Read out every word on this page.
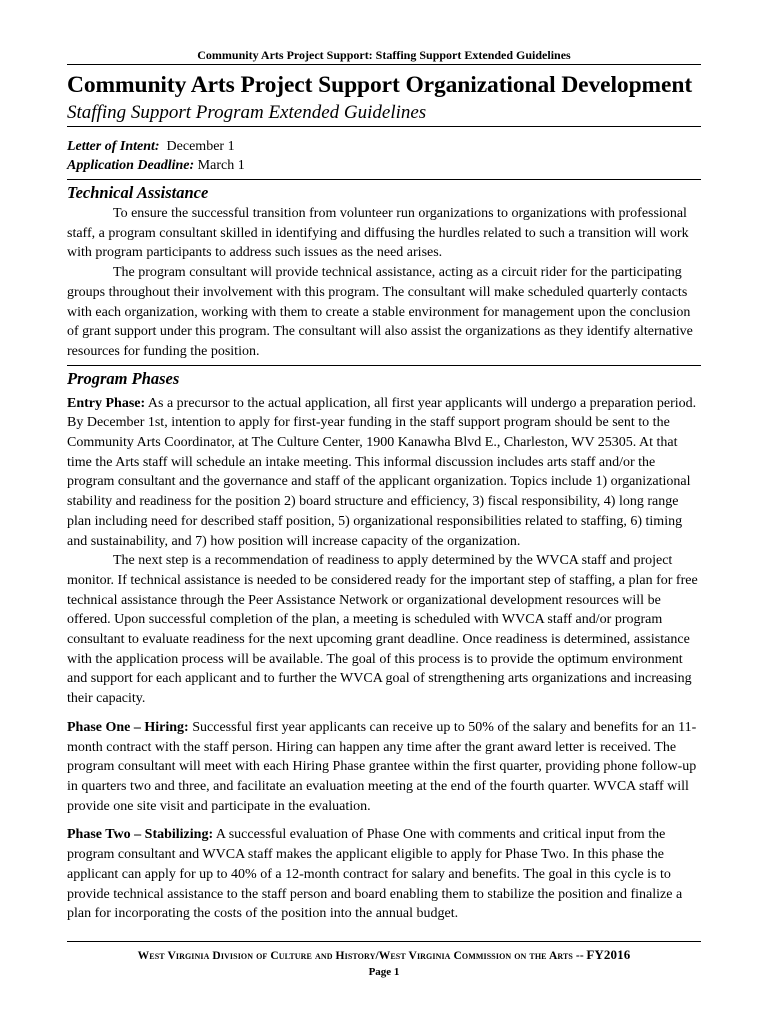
Community Arts Project Support: Staffing Support Extended Guidelines
Community Arts Project Support Organizational Development
Staffing Support Program Extended Guidelines
Letter of Intent: December 1
Application Deadline: March 1
Technical Assistance

To ensure the successful transition from volunteer run organizations to organizations with professional staff, a program consultant skilled in identifying and diffusing the hurdles related to such a transition will work with program participants to address such issues as the need arises.

The program consultant will provide technical assistance, acting as a circuit rider for the participating groups throughout their involvement with this program. The consultant will make scheduled quarterly contacts with each organization, working with them to create a stable environment for management upon the conclusion of grant support under this program. The consultant will also assist the organizations as they identify alternative resources for funding the position.

Program Phases

Entry Phase: As a precursor to the actual application, all first year applicants will undergo a preparation period. By December 1st, intention to apply for first-year funding in the staff support program should be sent to the Community Arts Coordinator, at The Culture Center, 1900 Kanawha Blvd E., Charleston, WV 25305. At that time the Arts staff will schedule an intake meeting. This informal discussion includes arts staff and/or the program consultant and the governance and staff of the applicant organization. Topics include 1) organizational stability and readiness for the position 2) board structure and efficiency, 3) fiscal responsibility, 4) long range plan including need for described staff position, 5) organizational responsibilities related to staffing, 6) timing and sustainability, and 7) how position will increase capacity of the organization.

The next step is a recommendation of readiness to apply determined by the WVCA staff and project monitor. If technical assistance is needed to be considered ready for the important step of staffing, a plan for free technical assistance through the Peer Assistance Network or organizational development resources will be offered. Upon successful completion of the plan, a meeting is scheduled with WVCA staff and/or program consultant to evaluate readiness for the next upcoming grant deadline. Once readiness is determined, assistance with the application process will be available. The goal of this process is to provide the optimum environment and support for each applicant and to further the WVCA goal of strengthening arts organizations and increasing their capacity.

Phase One – Hiring: Successful first year applicants can receive up to 50% of the salary and benefits for an 11-month contract with the staff person. Hiring can happen any time after the grant award letter is received. The program consultant will meet with each Hiring Phase grantee within the first quarter, providing phone follow-up in quarters two and three, and facilitate an evaluation meeting at the end of the fourth quarter. WVCA staff will provide one site visit and participate in the evaluation.

Phase Two – Stabilizing: A successful evaluation of Phase One with comments and critical input from the program consultant and WVCA staff makes the applicant eligible to apply for Phase Two. In this phase the applicant can apply for up to 40% of a 12-month contract for salary and benefits. The goal in this cycle is to provide technical assistance to the staff person and board enabling them to stabilize the position and finalize a plan for incorporating the costs of the position into the annual budget.

West Virginia Division of Culture and History/West Virginia Commission on the Arts -- FY2016
Page 1
